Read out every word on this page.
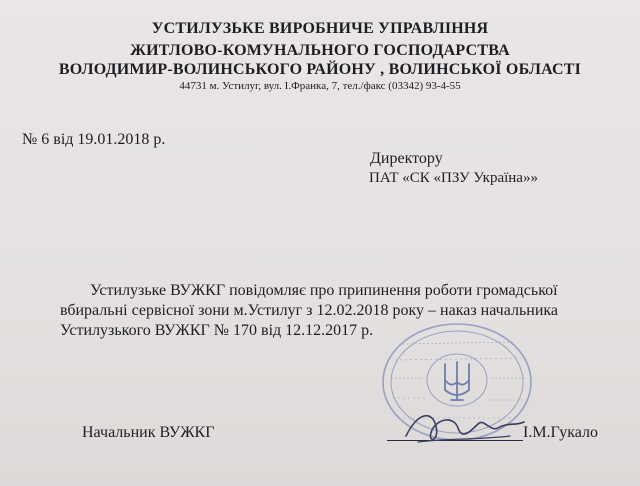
УСТИЛУЗЬКЕ ВИРОБНИЧЕ УПРАВЛІННЯ
ЖИТЛОВО-КОМУНАЛЬНОГО ГОСПОДАРСТВА
ВОЛОДИМИР-ВОЛИНСЬКОГО РАЙОНУ , ВОЛИНСЬКОЇ ОБЛАСТІ
44731 м. Устилуг, вул. І.Франка, 7, тел./факс (03342) 93-4-55
№ 6 від 19.01.2018 р.
Директору
ПАТ «СК «ПЗУ Україна»»
Устилузьке ВУЖКГ повідомляє про припинення роботи громадської
вбиральні сервісної зони м.Устилуг з 12.02.2018 року – наказ начальника
Устилузького ВУЖКГ № 170 від 12.12.2017 р.
Начальник ВУЖКГ	І.М.Гукало
